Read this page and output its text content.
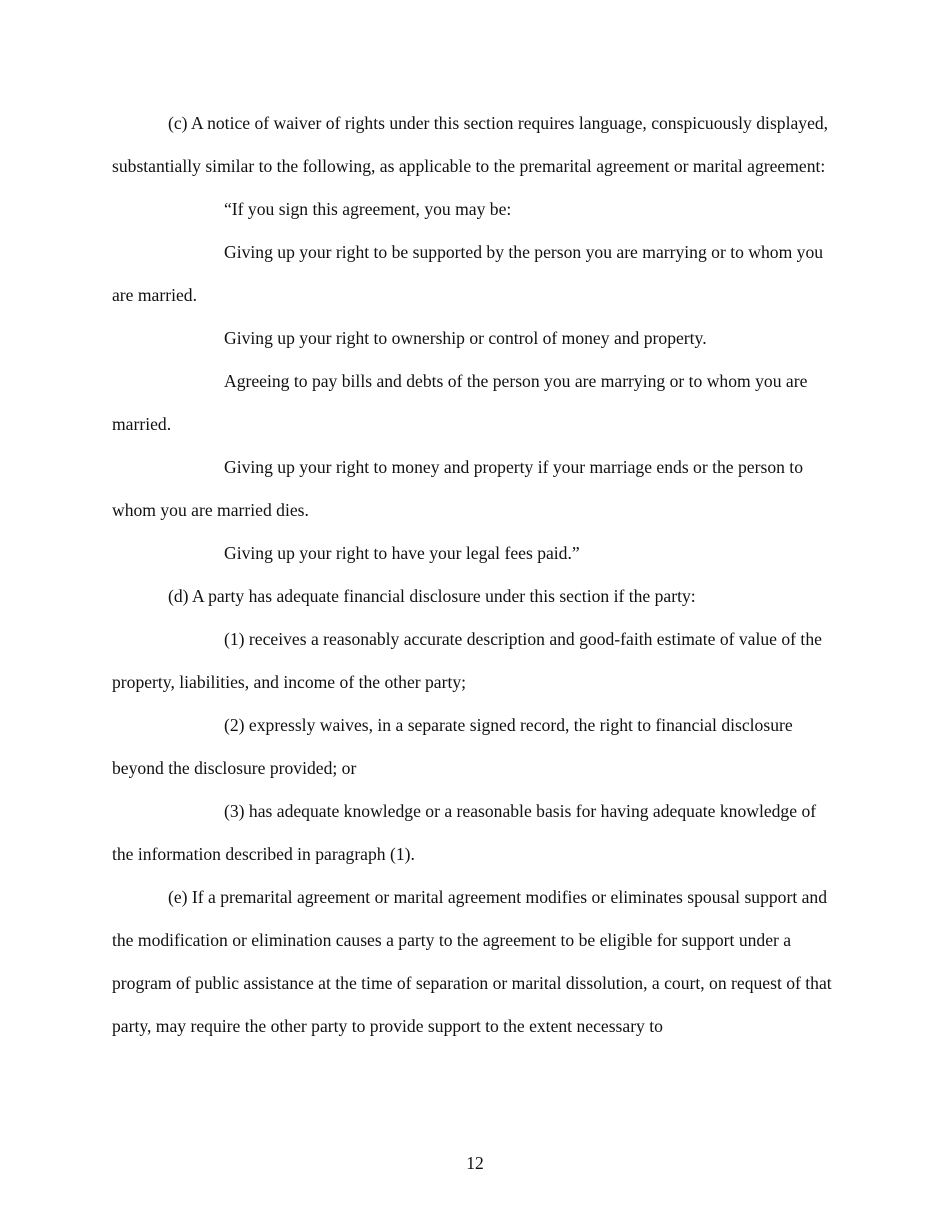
(c) A notice of waiver of rights under this section requires language, conspicuously displayed, substantially similar to the following, as applicable to the premarital agreement or marital agreement:

“If you sign this agreement, you may be:

Giving up your right to be supported by the person you are marrying or to whom you are married.

Giving up your right to ownership or control of money and property.

Agreeing to pay bills and debts of the person you are marrying or to whom you are married.

Giving up your right to money and property if your marriage ends or the person to whom you are married dies.

Giving up your right to have your legal fees paid.”

(d) A party has adequate financial disclosure under this section if the party:

(1) receives a reasonably accurate description and good-faith estimate of value of the property, liabilities, and income of the other party;

(2) expressly waives, in a separate signed record, the right to financial disclosure beyond the disclosure provided; or

(3) has adequate knowledge or a reasonable basis for having adequate knowledge of the information described in paragraph (1).

(e) If a premarital agreement or marital agreement modifies or eliminates spousal support and the modification or elimination causes a party to the agreement to be eligible for support under a program of public assistance at the time of separation or marital dissolution, a court, on request of that party, may require the other party to provide support to the extent necessary to

12
